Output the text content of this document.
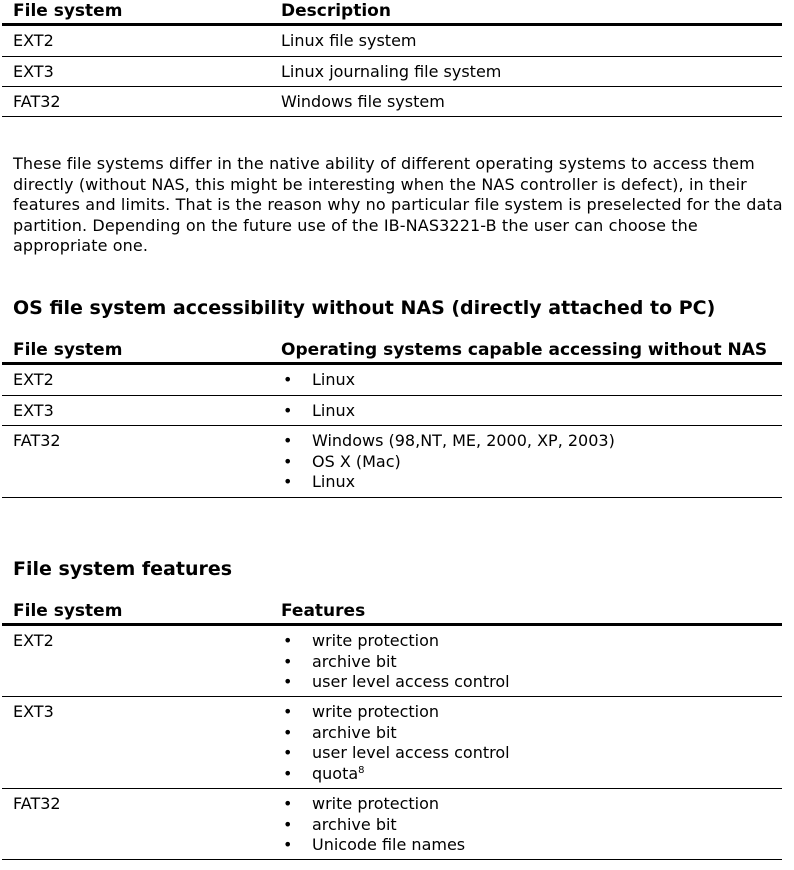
File system	Description
EXT2	Linux file system
EXT3	Linux journaling file system
FAT32	Windows file system
These file systems differ in the native ability of different operating systems to access them directly (without NAS, this might be interesting when the NAS controller is defect), in their features and limits. That is the reason why no particular file system is preselected for the data partition. Depending on the future use of the IB-NAS3221-B the user can choose the appropriate one.
OS file system accessibility without NAS (directly attached to PC)
File system	Operating systems capable accessing without NAS
EXT2	• Linux
EXT3	• Linux
FAT32	• Windows (98,NT, ME, 2000, XP, 2003)
• OS X (Mac)
• Linux
File system features
File system	Features
EXT2	• write protection
• archive bit
• user level access control
EXT3	• write protection
• archive bit
• user level access control
• quota$^8$
FAT32	• write protection
• archive bit
• Unicode file names
